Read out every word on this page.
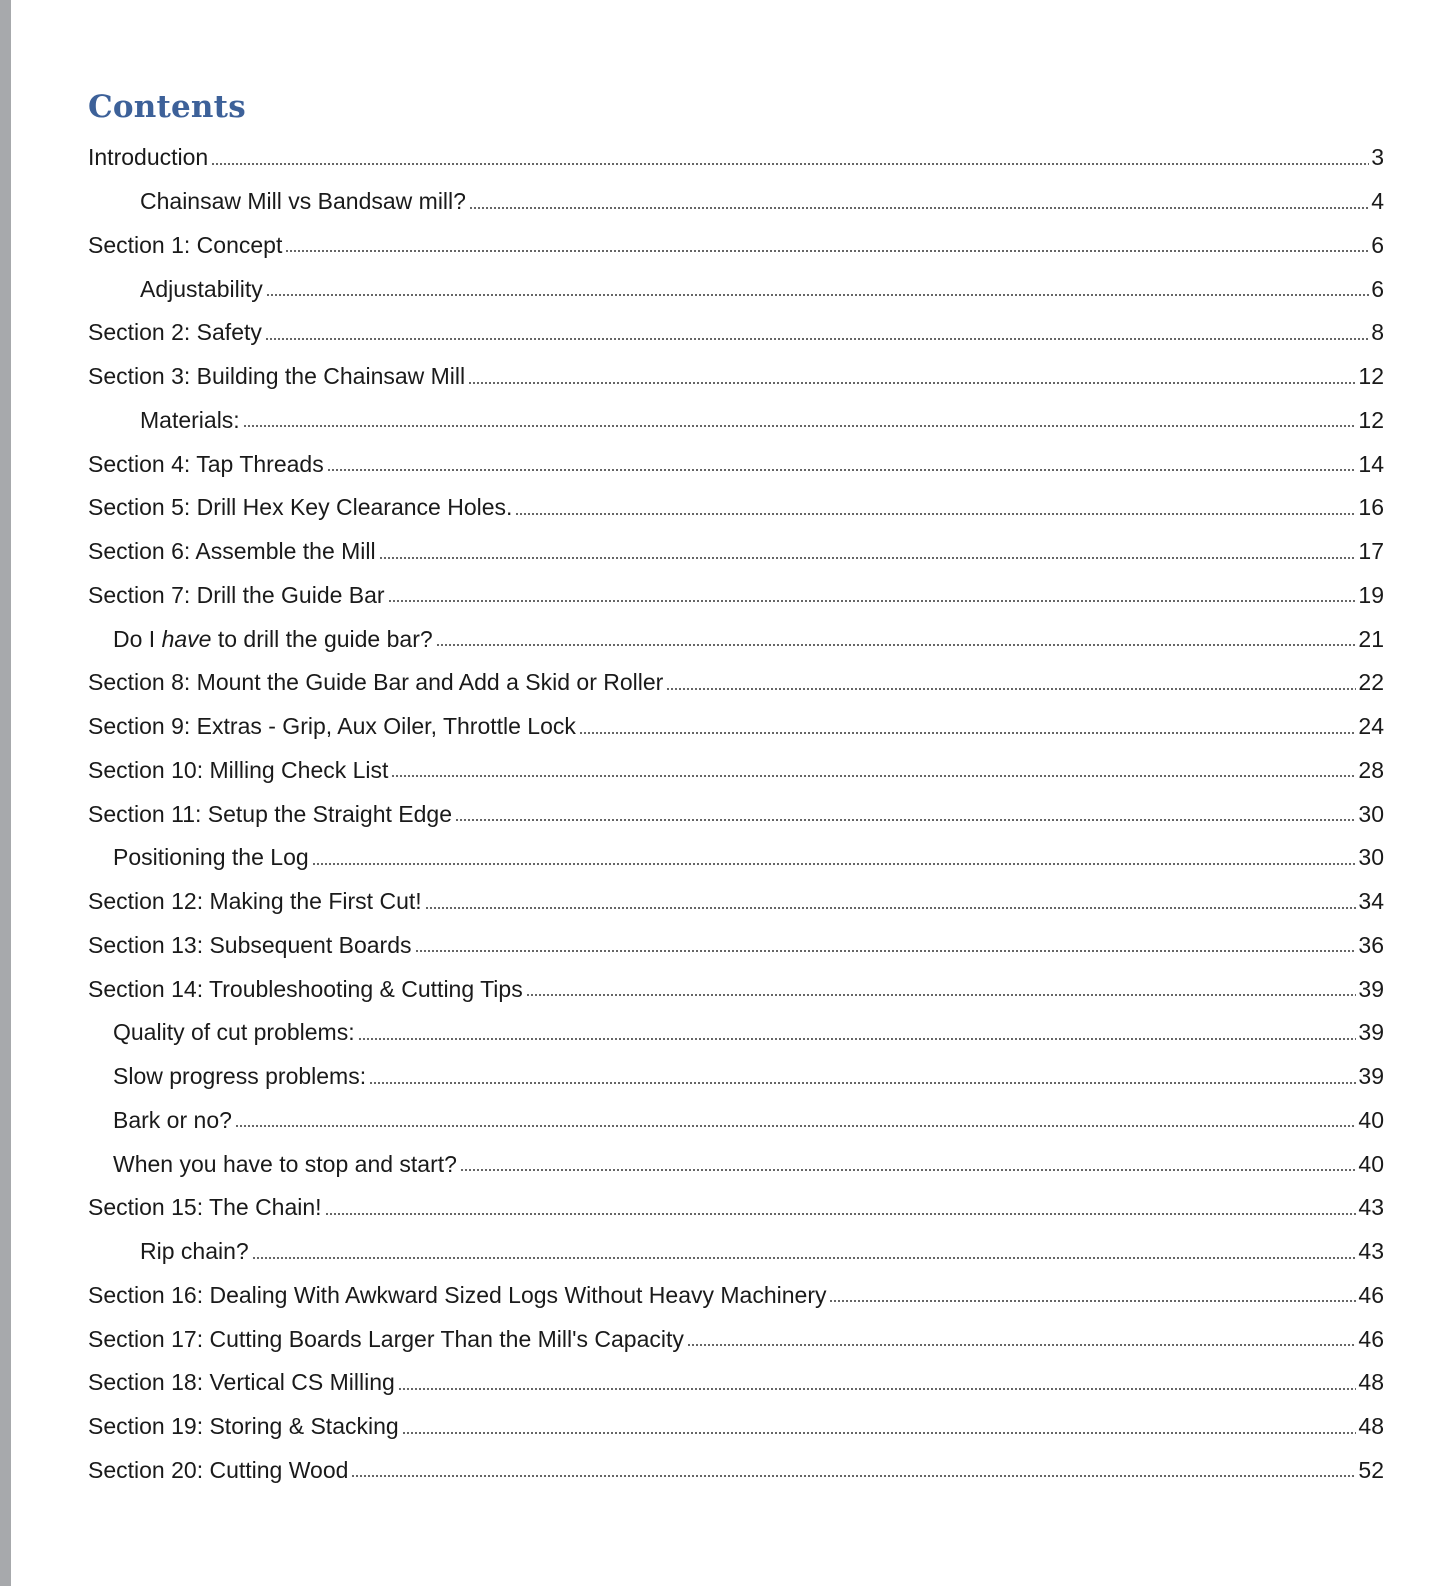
Contents
Introduction	3
Chainsaw Mill vs Bandsaw mill?	4
Section 1: Concept	6
Adjustability	6
Section 2: Safety	8
Section 3: Building the Chainsaw Mill	12
Materials:	12
Section 4: Tap Threads	14
Section 5: Drill Hex Key Clearance Holes.	16
Section 6: Assemble the Mill	17
Section 7: Drill the Guide Bar	19
Do I have to drill the guide bar?	21
Section 8: Mount the Guide Bar and Add a Skid or Roller	22
Section 9: Extras - Grip, Aux Oiler, Throttle Lock	24
Section 10: Milling Check List	28
Section 11: Setup the Straight Edge	30
Positioning the Log	30
Section 12: Making the First Cut!	34
Section 13: Subsequent Boards	36
Section 14: Troubleshooting & Cutting Tips	39
Quality of cut problems:	39
Slow progress problems:	39
Bark or no?	40
When you have to stop and start?	40
Section 15: The Chain!	43
Rip chain?	43
Section 16: Dealing With Awkward Sized Logs Without Heavy Machinery	46
Section 17: Cutting Boards Larger Than the Mill's Capacity	46
Section 18: Vertical CS Milling	48
Section 19: Storing & Stacking	48
Section 20: Cutting Wood	52
